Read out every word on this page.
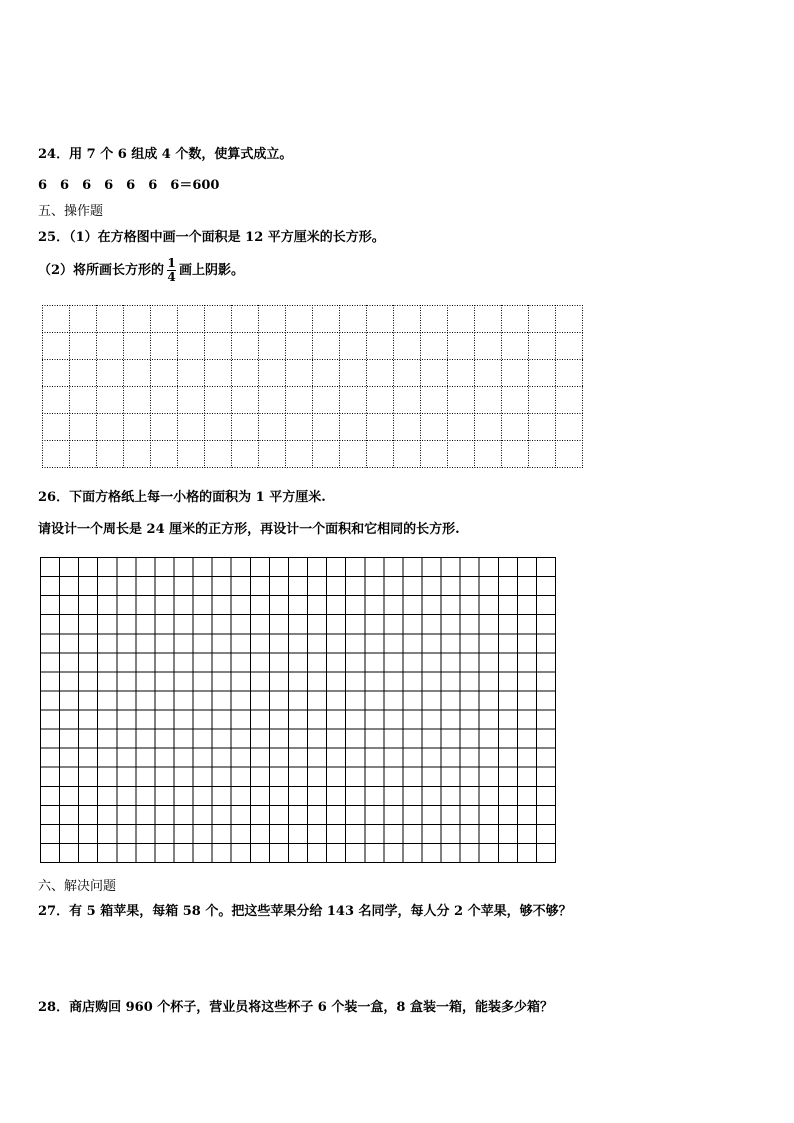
24．用 7 个 6 组成 4 个数，使算式成立。
6　6　6　6　6　6　6＝600
五、操作题
25．（1）在方格图中画一个面积是 12 平方厘米的长方形。
（2）将所画长方形的 $\frac{1}{4}$ 画上阴影。
26．下面方格纸上每一小格的面积为 1 平方厘米.
请设计一个周长是 24 厘米的正方形，再设计一个面积和它相同的长方形.
六、解决问题
27．有 5 箱苹果，每箱 58 个。把这些苹果分给 143 名同学，每人分 2 个苹果，够不够？
28．商店购回 960 个杯子，营业员将这些杯子 6 个装一盒，8 盒装一箱，能装多少箱？
